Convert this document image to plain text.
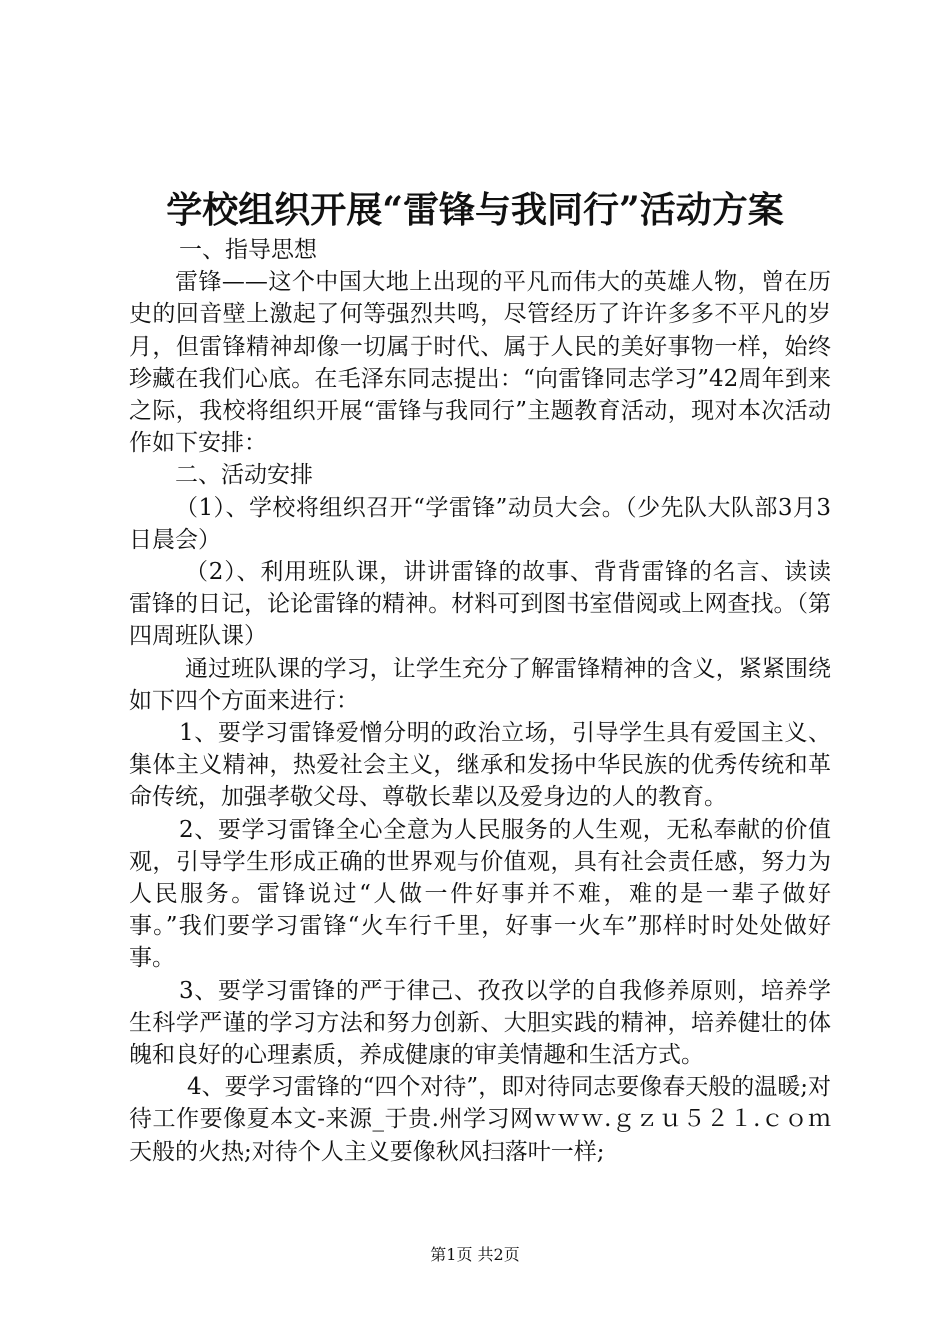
学校组织开展“雷锋与我同行”活动方案

一、指导思想

雷锋——这个中国大地上出现的平凡而伟大的英雄人物，曾在历史的回音壁上激起了何等强烈共鸣，尽管经历了许许多多不平凡的岁月，但雷锋精神却像一切属于时代、属于人民的美好事物一样，始终珍藏在我们心底。在毛泽东同志提出：“向雷锋同志学习”42周年到来之际，我校将组织开展“雷锋与我同行”主题教育活动，现对本次活动作如下安排：

二、活动安排

（1）、学校将组织召开“学雷锋”动员大会。（少先队大队部3月3日晨会）

（2）、利用班队课，讲讲雷锋的故事、背背雷锋的名言、读读雷锋的日记，论论雷锋的精神。材料可到图书室借阅或上网查找。（第四周班队课）

通过班队课的学习，让学生充分了解雷锋精神的含义，紧紧围绕如下四个方面来进行：

1、要学习雷锋爱憎分明的政治立场，引导学生具有爱国主义、集体主义精神，热爱社会主义，继承和发扬中华民族的优秀传统和革命传统，加强孝敬父母、尊敬长辈以及爱身边的人的教育。

2、要学习雷锋全心全意为人民服务的人生观，无私奉献的价值观，引导学生形成正确的世界观与价值观，具有社会责任感，努力为人民服务。雷锋说过“人做一件好事并不难，难的是一辈子做好事。”我们要学习雷锋“火车行千里，好事一火车”那样时时处处做好事。

3、要学习雷锋的严于律己、孜孜以学的自我修养原则，培养学生科学严谨的学习方法和努力创新、大胆实践的精神，培养健壮的体魄和良好的心理素质，养成健康的审美情趣和生活方式。

4、要学习雷锋的“四个对待”，即对待同志要像春天般的温暖;对待工作要像夏本文-来源_于贵.州学习网ｗｗｗ.ｇｚｕ５２１.ｃｏｍ天般的火热;对待个人主义要像秋风扫落叶一样;

第1页 共2页
